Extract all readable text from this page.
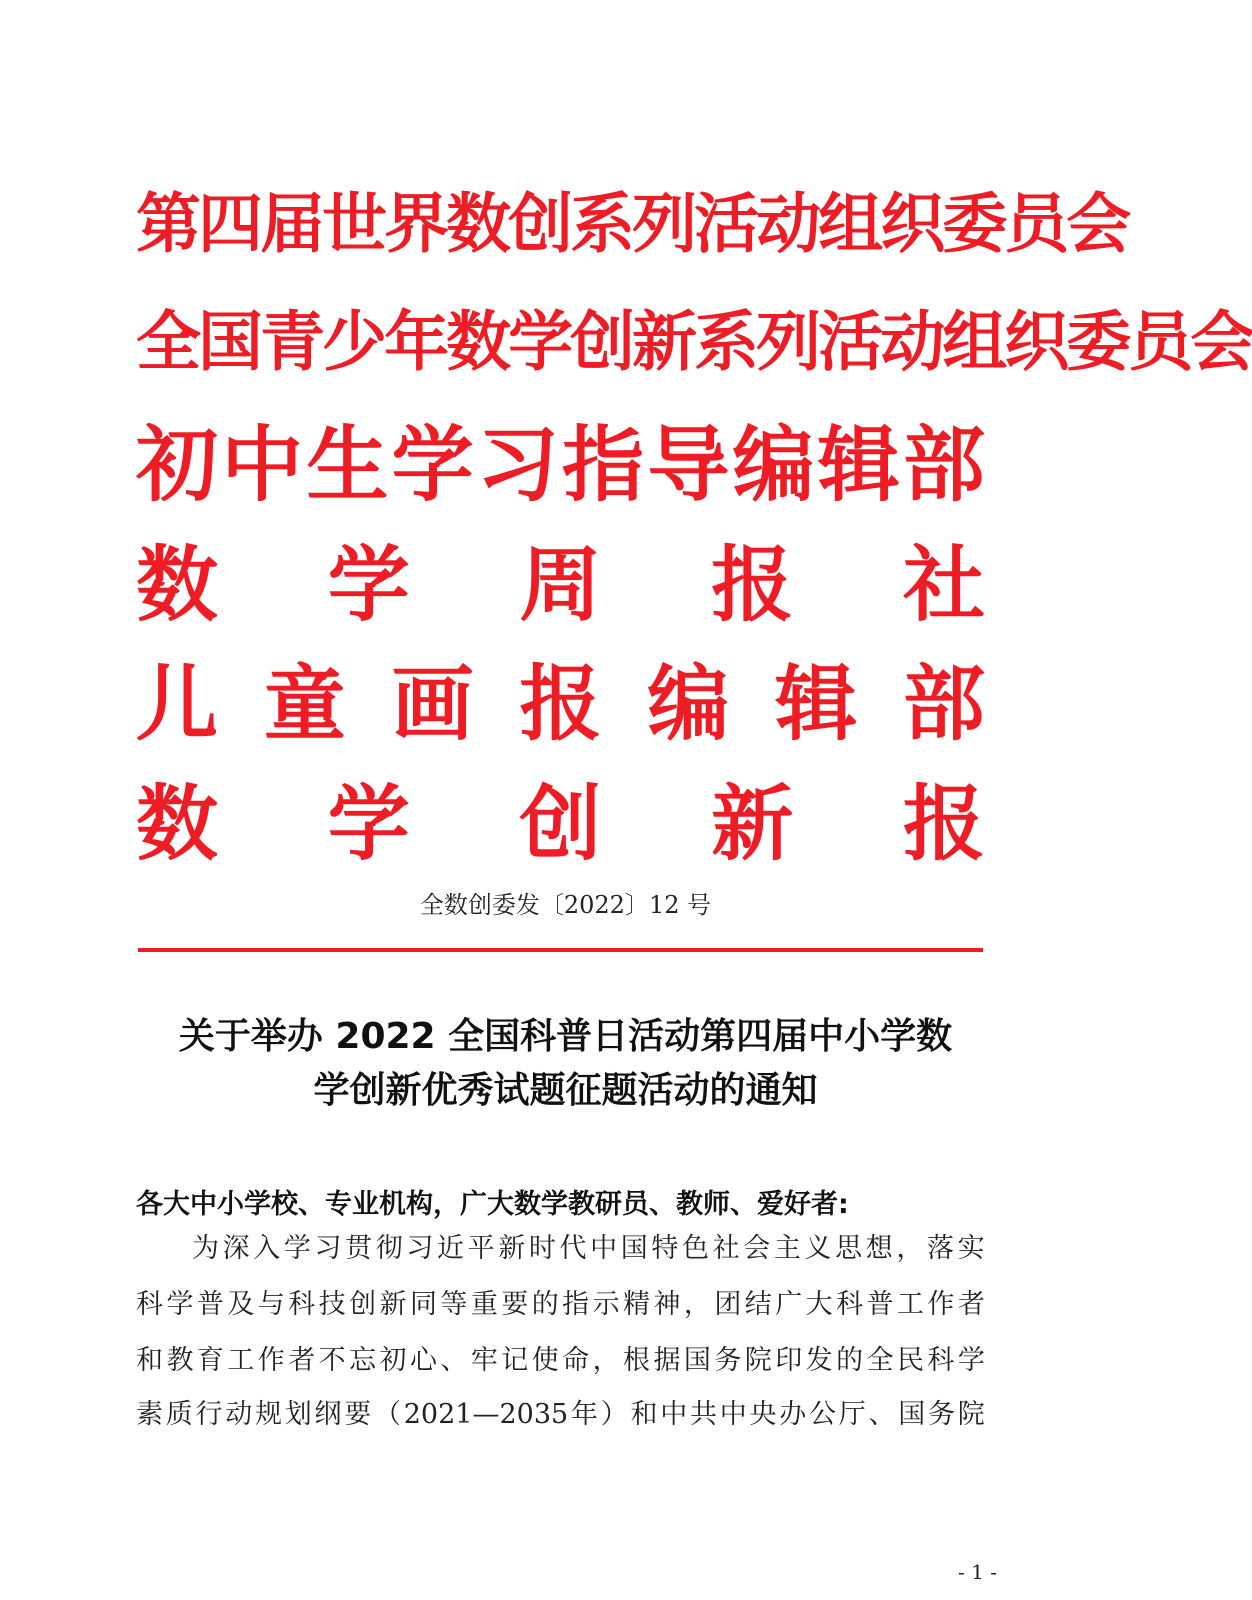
第 四 届 世 界 数 创 系 列 活 动 组 织 委 员 会
全 国 青 少 年 数 学 创 新 系 列 活 动 组 织 委 员 会
初 中 生 学 习 指 导 编 辑 部
数 学 周 报 社
儿 童 画 报 编 辑 部
数 学 创 新 报
全数创委发〔2022〕12 号
关于举办 2022 全国科普日活动第四届中小学数
学创新优秀试题征题活动的通知
各大中小学校、专业机构，广大数学教研员、教师、爱好者:
为 深 入 学 习 贯 彻 习 近 平 新 时 代 中 国 特 色 社 会 主 义 思 想 ， 落 实
科 学 普 及 与 科 技 创 新 同 等 重 要 的 指 示 精 神 ， 团 结 广 大 科 普 工 作 者
和 教 育 工 作 者 不 忘 初 心 、 牢 记 使 命 ， 根 据 国 务 院 印 发 的 全 民 科 学
素 质 行 动 规 划 纲 要 （ 2021—2035 年 ） 和 中 共 中 央 办 公 厅 、 国 务 院
- 1 -
